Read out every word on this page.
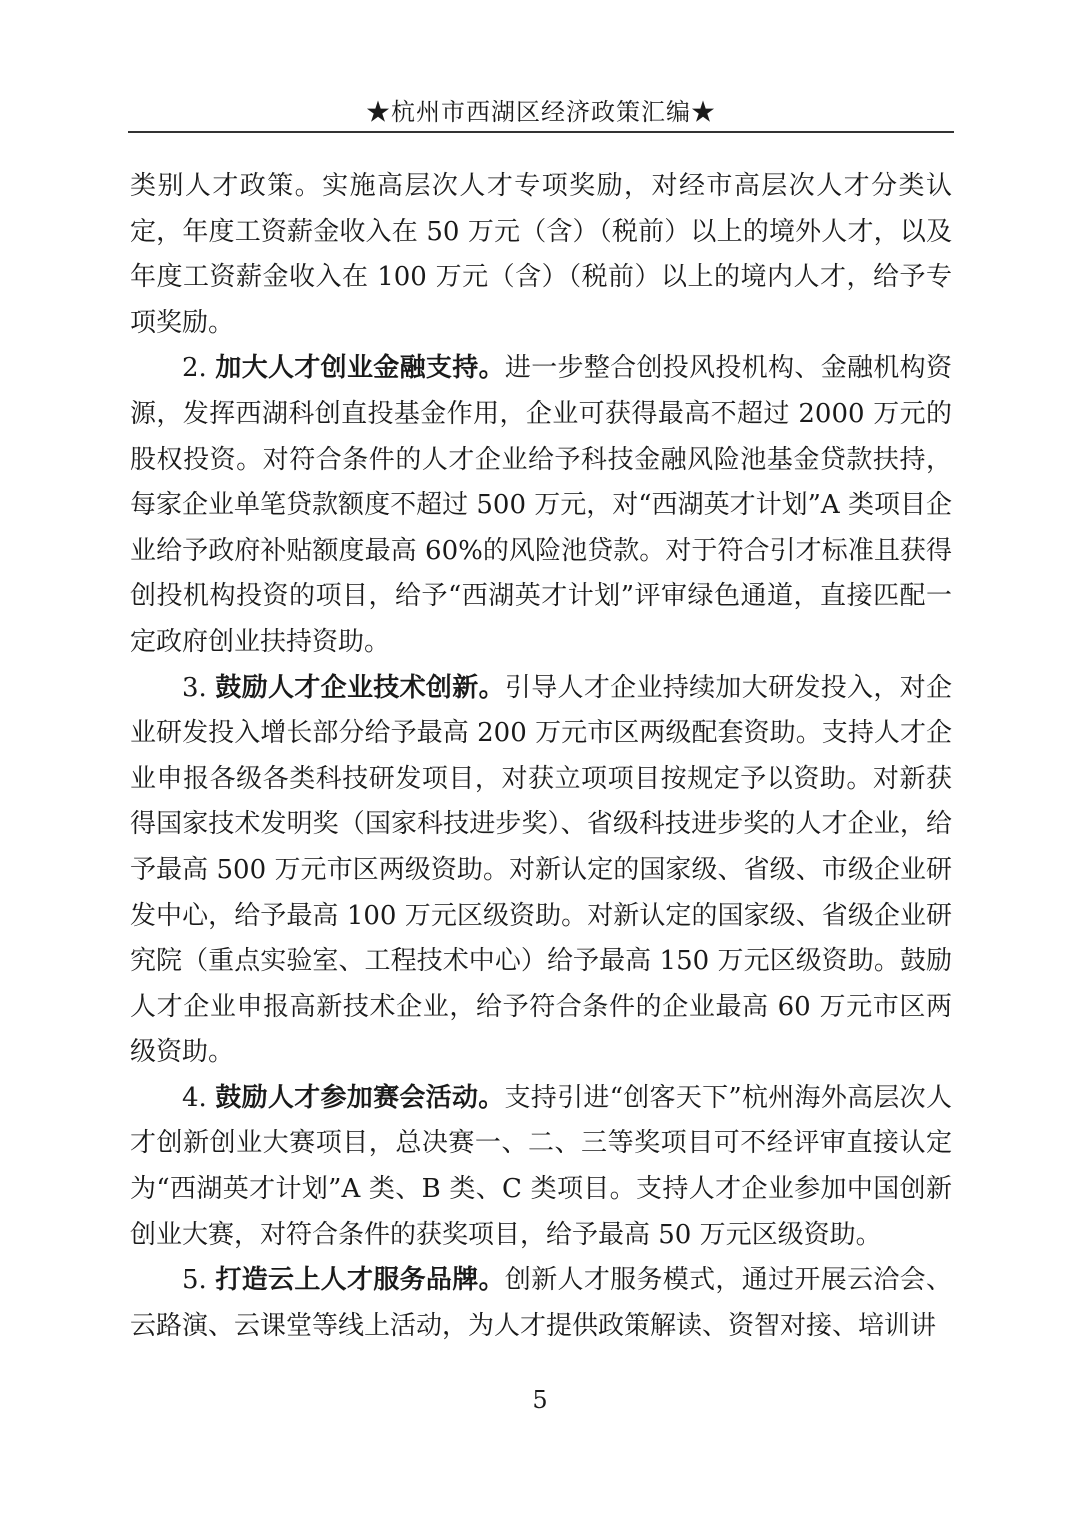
★杭州市西湖区经济政策汇编★

类别人才政策。实施高层次人才专项奖励，对经市高层次人才分类认定，年度工资薪金收入在 50 万元（含）（税前）以上的境外人才，以及年度工资薪金收入在 100 万元（含）（税前）以上的境内人才，给予专项奖励。

2. 加大人才创业金融支持。进一步整合创投风投机构、金融机构资源，发挥西湖科创直投基金作用，企业可获得最高不超过 2000 万元的股权投资。对符合条件的人才企业给予科技金融风险池基金贷款扶持，每家企业单笔贷款额度不超过 500 万元，对“西湖英才计划”A 类项目企业给予政府补贴额度最高 60%的风险池贷款。对于符合引才标准且获得创投机构投资的项目，给予“西湖英才计划”评审绿色通道，直接匹配一定政府创业扶持资助。

3. 鼓励人才企业技术创新。引导人才企业持续加大研发投入，对企业研发投入增长部分给予最高 200 万元市区两级配套资助。支持人才企业申报各级各类科技研发项目，对获立项项目按规定予以资助。对新获得国家技术发明奖（国家科技进步奖）、省级科技进步奖的人才企业，给予最高 500 万元市区两级资助。对新认定的国家级、省级、市级企业研发中心，给予最高 100 万元区级资助。对新认定的国家级、省级企业研究院（重点实验室、工程技术中心）给予最高 150 万元区级资助。鼓励人才企业申报高新技术企业，给予符合条件的企业最高 60 万元市区两级资助。

4. 鼓励人才参加赛会活动。支持引进“创客天下”杭州海外高层次人才创新创业大赛项目，总决赛一、二、三等奖项目可不经评审直接认定为“西湖英才计划”A 类、B 类、C 类项目。支持人才企业参加中国创新创业大赛，对符合条件的获奖项目，给予最高 50 万元区级资助。

5. 打造云上人才服务品牌。创新人才服务模式，通过开展云洽会、云路演、云课堂等线上活动，为人才提供政策解读、资智对接、培训讲

5
